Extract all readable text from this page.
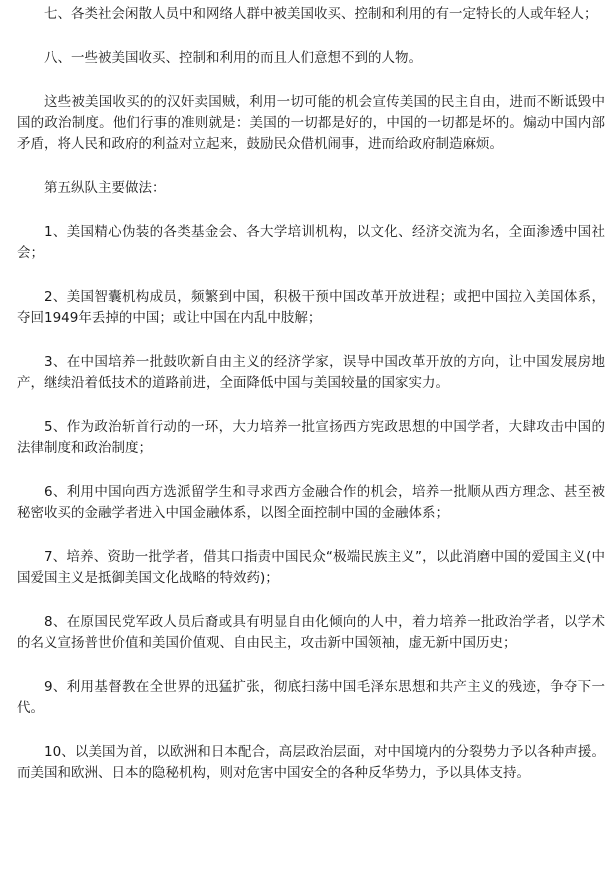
七、各类社会闲散人员中和网络人群中被美国收买、控制和利用的有一定特长的人或年轻人；

八、一些被美国收买、控制和利用的而且人们意想不到的人物。

这些被美国收买的的汉奸卖国贼，利用一切可能的机会宣传美国的民主自由，进而不断诋毁中国的政治制度。他们行事的准则就是：美国的一切都是好的，中国的一切都是坏的。煽动中国内部矛盾，将人民和政府的利益对立起来，鼓励民众借机闹事，进而给政府制造麻烦。

第五纵队主要做法：

1、美国精心伪装的各类基金会、各大学培训机构，以文化、经济交流为名，全面渗透中国社会；

2、美国智囊机构成员，频繁到中国，积极干预中国改革开放进程；或把中国拉入美国体系，夺回1949年丢掉的中国；或让中国在内乱中肢解；

3、在中国培养一批鼓吹新自由主义的经济学家，误导中国改革开放的方向，让中国发展房地产，继续沿着低技术的道路前进，全面降低中国与美国较量的国家实力。

5、作为政治斩首行动的一环，大力培养一批宣扬西方宪政思想的中国学者，大肆攻击中国的法律制度和政治制度；

6、利用中国向西方选派留学生和寻求西方金融合作的机会，培养一批顺从西方理念、甚至被秘密收买的金融学者进入中国金融体系，以图全面控制中国的金融体系；

7、培养、资助一批学者，借其口指责中国民众“极端民族主义”，以此消磨中国的爱国主义(中国爱国主义是抵御美国文化战略的特效药)；

8、在原国民党军政人员后裔或具有明显自由化倾向的人中，着力培养一批政治学者，以学术的名义宣扬普世价值和美国价值观、自由民主，攻击新中国领袖，虚无新中国历史；

9、利用基督教在全世界的迅猛扩张，彻底扫荡中国毛泽东思想和共产主义的残迹，争夺下一代。

10、以美国为首，以欧洲和日本配合，高层政治层面，对中国境内的分裂势力予以各种声援。而美国和欧洲、日本的隐秘机构，则对危害中国安全的各种反华势力，予以具体支持。
